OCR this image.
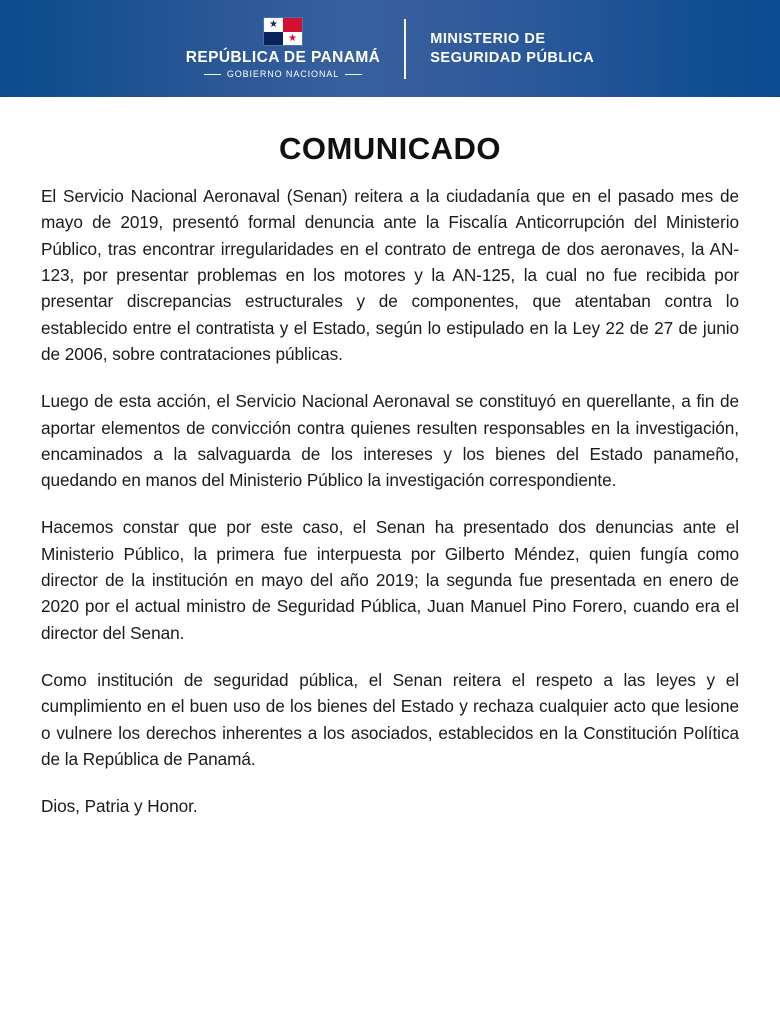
★
★
REPÚBLICA DE PANAMÁ
GOBIERNO NACIONAL
MINISTERIO DE
SEGURIDAD PÚBLICA
COMUNICADO

El Servicio Nacional Aeronaval (Senan) reitera a la ciudadanía que en el pasado mes de mayo de 2019, presentó formal denuncia ante la Fiscalía Anticorrupción del Ministerio Público, tras encontrar irregularidades en el contrato de entrega de dos aeronaves, la AN-123, por presentar problemas en los motores y la AN-125, la cual no fue recibida por presentar discrepancias estructurales y de componentes, que atentaban contra lo establecido entre el contratista y el Estado, según lo estipulado en la Ley 22 de 27 de junio de 2006, sobre contrataciones públicas.

Luego de esta acción, el Servicio Nacional Aeronaval se constituyó en querellante, a fin de aportar elementos de convicción contra quienes resulten responsables en la investigación, encaminados a la salvaguarda de los intereses y los bienes del Estado panameño, quedando en manos del Ministerio Público la investigación correspondiente.

Hacemos constar que por este caso, el Senan ha presentado dos denuncias ante el Ministerio Público, la primera fue interpuesta por Gilberto Méndez, quien fungía como director de la institución en mayo del año 2019; la segunda fue presentada en enero de 2020 por el actual ministro de Seguridad Pública, Juan Manuel Pino Forero, cuando era el director del Senan.

Como institución de seguridad pública, el Senan reitera el respeto a las leyes y el cumplimiento en el buen uso de los bienes del Estado y rechaza cualquier acto que lesione o vulnere los derechos inherentes a los asociados, establecidos en la Constitución Política de la República de Panamá.

Dios, Patria y Honor.
